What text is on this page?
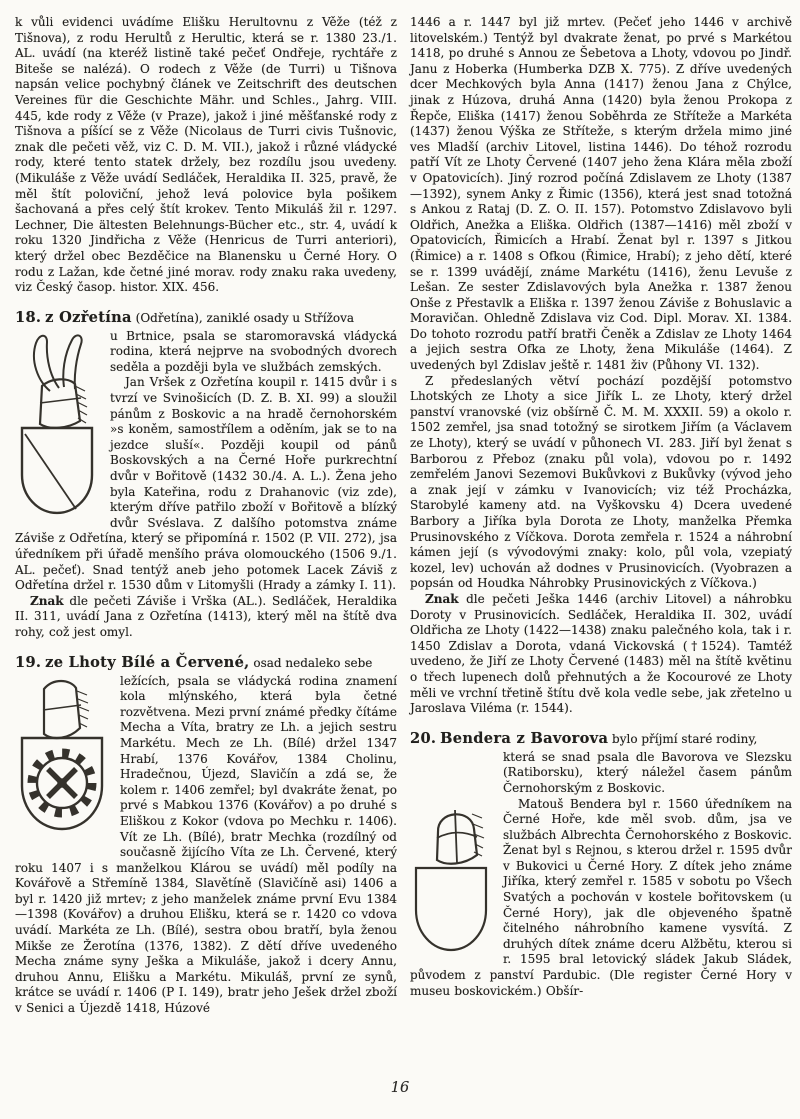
k vůli evidenci uvádíme Elišku Herultovnu z Věže (též z Tišnova), z rodu Herultů z Herultic, která se r. 1380 23./1. AL. uvádí (na kteréž listině také pečeť Ondřeje, rychtáře z Biteše se nalézá). O rodech z Věže (de Turri) u Tišnova napsán velice pochybný článek ve Zeitschrift des deutschen Vereines für die Geschichte Mähr. und Schles., Jahrg. VIII. 445, kde rody z Věže (v Praze), jakož i jiné měšťanské rody z Tišnova a píšící se z Věže (Nicolaus de Turri civis Tušnovic, znak dle pečeti věž, viz C. D. M. VII.), jakož i různé vládycké rody, které tento statek držely, bez rozdílu jsou uvedeny. (Mikuláše z Věže uvádí Sedláček, Heraldika II. 325, pravě, že měl štít poloviční, jehož levá polovice byla pošikem šachovaná a přes celý štít krokev. Tento Mikuláš žil r. 1297. Lechner, Die ältesten Belehnungs-Bücher etc., str. 4, uvádí k roku 1320 Jindřicha z Věže (Henricus de Turri anteriori), který držel obec Bezděčice na Blanensku u Černé Hory. O rodu z Lažan, kde četné jiné morav. rody znaku raka uvedeny, viz Český časop. histor. XIX. 456.

18. z Ozřetína (Odřetína), zaniklé osady u Střížova

u Brtnice, psala se staromoravská vládycká rodina, která nejprve na svobodných dvorech seděla a později byla ve službách zemských.

Jan Vršek z Ozřetína koupil r. 1415 dvůr i s tvrzí ve Svinošicích (D. Z. B. XI. 99) a sloužil pánům z Boskovic a na hradě černohorském »s koněm, samostřílem a oděním, jak se to na jezdce sluší«. Později koupil od pánů Boskovských a na Černé Hoře purkrechtní dvůr v Bořitově (1432 30./4. A. L.). Žena jeho byla Kateřina, rodu z Drahanovic (viz zde), kterým dříve patřilo zboží v Bořitově a blízký dvůr Svéslava. Z dalšího potomstva známe Záviše z Odřetína, který se připomíná r. 1502 (P. VII. 272), jsa úředníkem při úřadě menšího práva olomouckého (1506 9./1. AL. pečeť). Snad tentýž aneb jeho potomek Lacek Záviš z Odřetína držel r. 1530 dům v Litomyšli (Hrady a zámky I. 11).

Znak dle pečeti Záviše i Vrška (AL.). Sedláček, Heraldika II. 311, uvádí Jana z Ozřetína (1413), který měl na štítě dva rohy, což jest omyl.

19. ze Lhoty Bílé a Červené, osad nedaleko sebe

ležících, psala se vládycká rodina znamení kola mlýnského, která byla četné rozvětvena. Mezi první známé předky čítáme Mecha a Víta, bratry ze Lh. a jejich sestru Markétu. Mech ze Lh. (Bílé) držel 1347 Hrabí, 1376 Kovářov, 1384 Cholinu, Hradečnou, Újezd, Slavičín a zdá se, že kolem r. 1406 zemřel; byl dvakráte ženat, po prvé s Mabkou 1376 (Kovářov) a po druhé s Eliškou z Kokor (vdova po Mechku r. 1406). Vít ze Lh. (Bílé), bratr Mechka (rozdílný od současně žijícího Víta ze Lh. Červené, který roku 1407 i s manželkou Klárou se uvádí) měl podíly na Kovářově a Střemíně 1384, Slavětíně (Slavičíně asi) 1406 a byl r. 1420 již mrtev; z jeho manželek známe první Evu 1384—1398 (Kovářov) a druhou Elišku, která se r. 1420 co vdova uvádí. Markéta ze Lh. (Bílé), sestra obou bratří, byla ženou Mikše ze Žerotína (1376, 1382). Z dětí dříve uvedeného Mecha známe syny Ješka a Mikuláše, jakož i dcery Annu, druhou Annu, Elišku a Markétu. Mikuláš, první ze synů, krátce se uvádí r. 1406 (P I. 149), bratr jeho Ješek držel zboží v Senici a Újezdě 1418, Húzové

1446 a r. 1447 byl již mrtev. (Pečeť jeho 1446 v archivě litovelském.) Tentýž byl dvakrate ženat, po prvé s Markétou 1418, po druhé s Annou ze Šebetova a Lhoty, vdovou po Jindř. Janu z Hoberka (Humberka DZB X. 775). Z dříve uvedených dcer Mechkových byla Anna (1417) ženou Jana z Chýlce, jinak z Húzova, druhá Anna (1420) byla ženou Prokopa z Řepče, Eliška (1417) ženou Soběhrda ze Stříteže a Markéta (1437) ženou Výška ze Stříteže, s kterým držela mimo jiné ves Mladší (archiv Litovel, listina 1446). Do téhož rozrodu patří Vít ze Lhoty Červené (1407 jeho žena Klára měla zboží v Opatovicích). Jiný rozrod počíná Zdislavem ze Lhoty (1387—1392), synem Anky z Řimic (1356), která jest snad totožná s Ankou z Rataj (D. Z. O. II. 157). Potomstvo Zdislavovo byli Oldřich, Anežka a Eliška. Oldřich (1387—1416) měl zboží v Opatovicích, Řimicích a Hrabí. Ženat byl r. 1397 s Jitkou (Řimice) a r. 1408 s Ofkou (Řimice, Hrabí); z jeho dětí, které se r. 1399 uvádějí, známe Markétu (1416), ženu Levuše z Lešan. Ze sester Zdislavových byla Anežka r. 1387 ženou Onše z Přestavlk a Eliška r. 1397 ženou Záviše z Bohuslavic a Moravičan. Ohledně Zdislava viz Cod. Dipl. Morav. XI. 1384. Do tohoto rozrodu patří bratři Čeněk a Zdislav ze Lhoty 1464 a jejich sestra Ofka ze Lhoty, žena Mikuláše (1464). Z uvedených byl Zdislav ještě r. 1481 živ (Půhony VI. 132).

Z předeslaných větví pochází pozdější potomstvo Lhotských ze Lhoty a sice Jiřík L. ze Lhoty, který držel panství vranovské (viz obšírně Č. M. M. XXXII. 59) a okolo r. 1502 zemřel, jsa snad totožný se sirotkem Jiřím (a Václavem ze Lhoty), který se uvádí v půhonech VI. 283. Jiří byl ženat s Barborou z Přeboz (znaku půl vola), vdovou po r. 1492 zemřelém Janovi Sezemovi Bukůvkovi z Bukůvky (vývod jeho a znak její v zámku v Ivanovicích; viz též Procházka, Starobylé kameny atd. na Vyškovsku 4) Dcera uvedené Barbory a Jiříka byla Dorota ze Lhoty, manželka Přemka Prusinovského z Víčkova. Dorota zemřela r. 1524 a náhrobní kámen její (s vývodovými znaky: kolo, půl vola, vzepiatý kozel, lev) uchován až dodnes v Prusinovicích. (Vyobrazen a popsán od Houdka Náhrobky Prusinovických z Víčkova.)

Znak dle pečeti Ješka 1446 (archiv Litovel) a náhrobku Doroty v Prusinovicích. Sedláček, Heraldika II. 302, uvádí Oldřicha ze Lhoty (1422—1438) znaku palečného kola, tak i r. 1450 Zdislav a Dorota, vdaná Vickovská (†1524). Tamtéž uvedeno, že Jiří ze Lhoty Červené (1483) měl na štítě květinu o třech lupenech dolů přehnutých a že Kocourové ze Lhoty měli ve vrchní třetině štítu dvě kola vedle sebe, jak zřetelno u Jaroslava Viléma (r. 1544).

20. Bendera z Bavorova bylo příjmí staré rodiny,

která se snad psala dle Bavorova ve Slezsku (Ratiborsku), který náležel časem pánům Černohorským z Boskovic.

Matouš Bendera byl r. 1560 úředníkem na Černé Hoře, kde měl svob. dům, jsa ve službách Albrechta Černohorského z Boskovic. Ženat byl s Rejnou, s kterou držel r. 1595 dvůr v Bukovici u Černé Hory. Z dítek jeho známe Jiříka, který zemřel r. 1585 v sobotu po Všech Svatých a pochován v kostele bořitovskem (u Černé Hory), jak dle objeveného špatně čitelného náhrobního kamene vysvítá. Z druhých dítek známe dceru Alžbětu, kterou si r. 1595 bral letovický sládek Jakub Sládek, původem z panství Pardubic. (Dle register Černé Hory v museu boskovickém.) Obšír-

16
